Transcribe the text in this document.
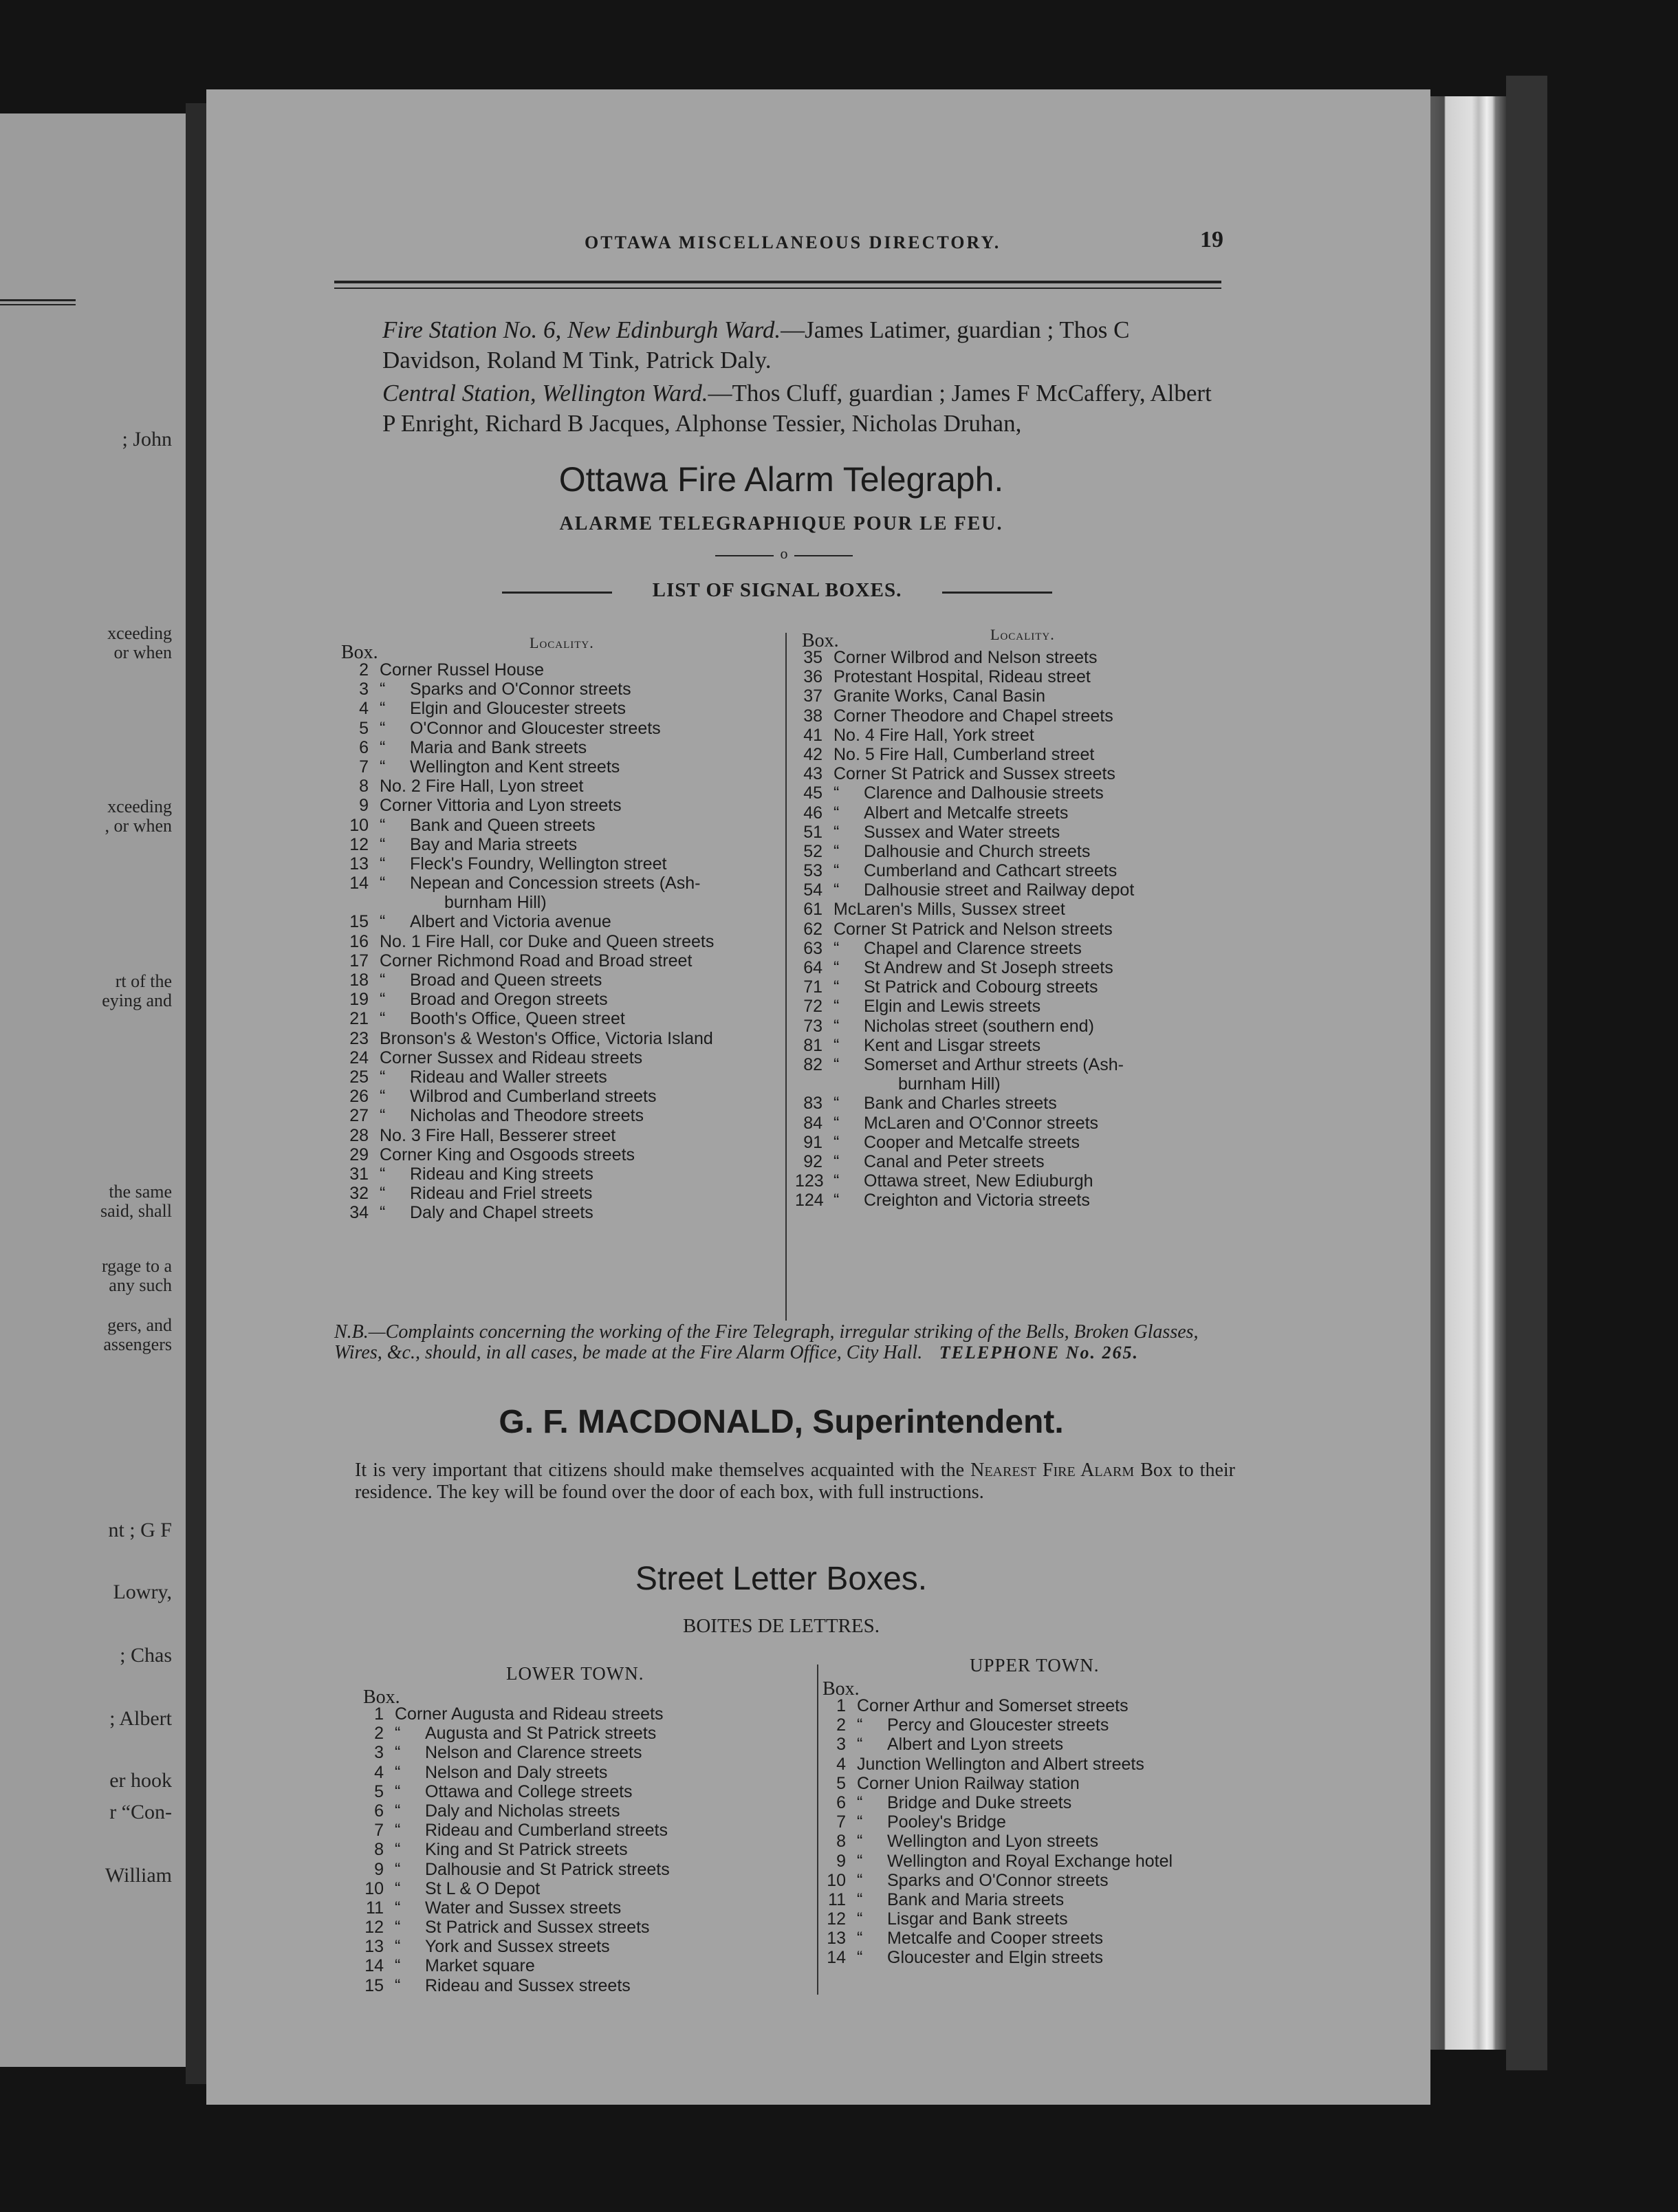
; John
xceeding
or when
xceeding
, or when
rt of the
eying and
the same
said, shall
rgage to a
any such
gers, and
assengers
nt ; G F
Lowry,
; Chas
; Albert
er hook
r “Con-
William
OTTAWA MISCELLANEOUS DIRECTORY.	19
Fire Station No. 6, New Edinburgh Ward.—James Latimer, guardian ; Thos C Davidson, Roland M Tink, Patrick Daly.
Central Station, Wellington Ward.—Thos Cluff, guardian ; James F McCaffery, Albert P Enright, Richard B Jacques, Alphonse Tessier, Nicholas Druhan,
Ottawa Fire Alarm Telegraph.
ALARME TELEGRAPHIQUE POUR LE FEU.
o
LIST OF SIGNAL BOXES.
Box.	Locality.
2 Corner Russel House
3 “ Sparks and O'Connor streets
4 “ Elgin and Gloucester streets
5 “ O'Connor and Gloucester streets
6 “ Maria and Bank streets
7 “ Wellington and Kent streets
8 No. 2 Fire Hall, Lyon street
9 Corner Vittoria and Lyon streets
10 “ Bank and Queen streets
12 “ Bay and Maria streets
13 “ Fleck's Foundry, Wellington street
14 “ Nepean and Concession streets (Ash-
burnham Hill)
15 “ Albert and Victoria avenue
16 No. 1 Fire Hall, cor Duke and Queen streets
17 Corner Richmond Road and Broad street
18 “ Broad and Queen streets
19 “ Broad and Oregon streets
21 “ Booth's Office, Queen street
23 Bronson's & Weston's Office, Victoria Island
24 Corner Sussex and Rideau streets
25 “ Rideau and Waller streets
26 “ Wilbrod and Cumberland streets
27 “ Nicholas and Theodore streets
28 No. 3 Fire Hall, Besserer street
29 Corner King and Osgoods streets
31 “ Rideau and King streets
32 “ Rideau and Friel streets
34 “ Daly and Chapel streets
Box.	Locality.
35 Corner Wilbrod and Nelson streets
36 Protestant Hospital, Rideau street
37 Granite Works, Canal Basin
38 Corner Theodore and Chapel streets
41 No. 4 Fire Hall, York street
42 No. 5 Fire Hall, Cumberland street
43 Corner St Patrick and Sussex streets
45 “ Clarence and Dalhousie streets
46 “ Albert and Metcalfe streets
51 “ Sussex and Water streets
52 “ Dalhousie and Church streets
53 “ Cumberland and Cathcart streets
54 “ Dalhousie street and Railway depot
61 McLaren's Mills, Sussex street
62 Corner St Patrick and Nelson streets
63 “ Chapel and Clarence streets
64 “ St Andrew and St Joseph streets
71 “ St Patrick and Cobourg streets
72 “ Elgin and Lewis streets
73 “ Nicholas street (southern end)
81 “ Kent and Lisgar streets
82 “ Somerset and Arthur streets (Ash-
burnham Hill)
83 “ Bank and Charles streets
84 “ McLaren and O'Connor streets
91 “ Cooper and Metcalfe streets
92 “ Canal and Peter streets
123 “ Ottawa street, New Ediuburgh
124 “ Creighton and Victoria streets
N.B.—Complaints concerning the working of the Fire Telegraph, irregular striking of the Bells, Broken Glasses, Wires, &c., should, in all cases, be made at the Fire Alarm Office, City Hall. TELEPHONE No. 265.
G. F. MACDONALD, Superintendent.
It is very important that citizens should make themselves acquainted with the Nearest Fire Alarm Box to their residence. The key will be found over the door of each box, with full instructions.
Street Letter Boxes.
BOITES DE LETTRES.
LOWER TOWN.
Box.
1 Corner Augusta and Rideau streets
2 “ Augusta and St Patrick streets
3 “ Nelson and Clarence streets
4 “ Nelson and Daly streets
5 “ Ottawa and College streets
6 “ Daly and Nicholas streets
7 “ Rideau and Cumberland streets
8 “ King and St Patrick streets
9 “ Dalhousie and St Patrick streets
10 “ St L & O Depot
11 “ Water and Sussex streets
12 “ St Patrick and Sussex streets
13 “ York and Sussex streets
14 “ Market square
15 “ Rideau and Sussex streets
UPPER TOWN.
Box.
1 Corner Arthur and Somerset streets
2 “ Percy and Gloucester streets
3 “ Albert and Lyon streets
4 Junction Wellington and Albert streets
5 Corner Union Railway station
6 “ Bridge and Duke streets
7 “ Pooley's Bridge
8 “ Wellington and Lyon streets
9 “ Wellington and Royal Exchange hotel
10 “ Sparks and O'Connor streets
11 “ Bank and Maria streets
12 “ Lisgar and Bank streets
13 “ Metcalfe and Cooper streets
14 “ Gloucester and Elgin streets
